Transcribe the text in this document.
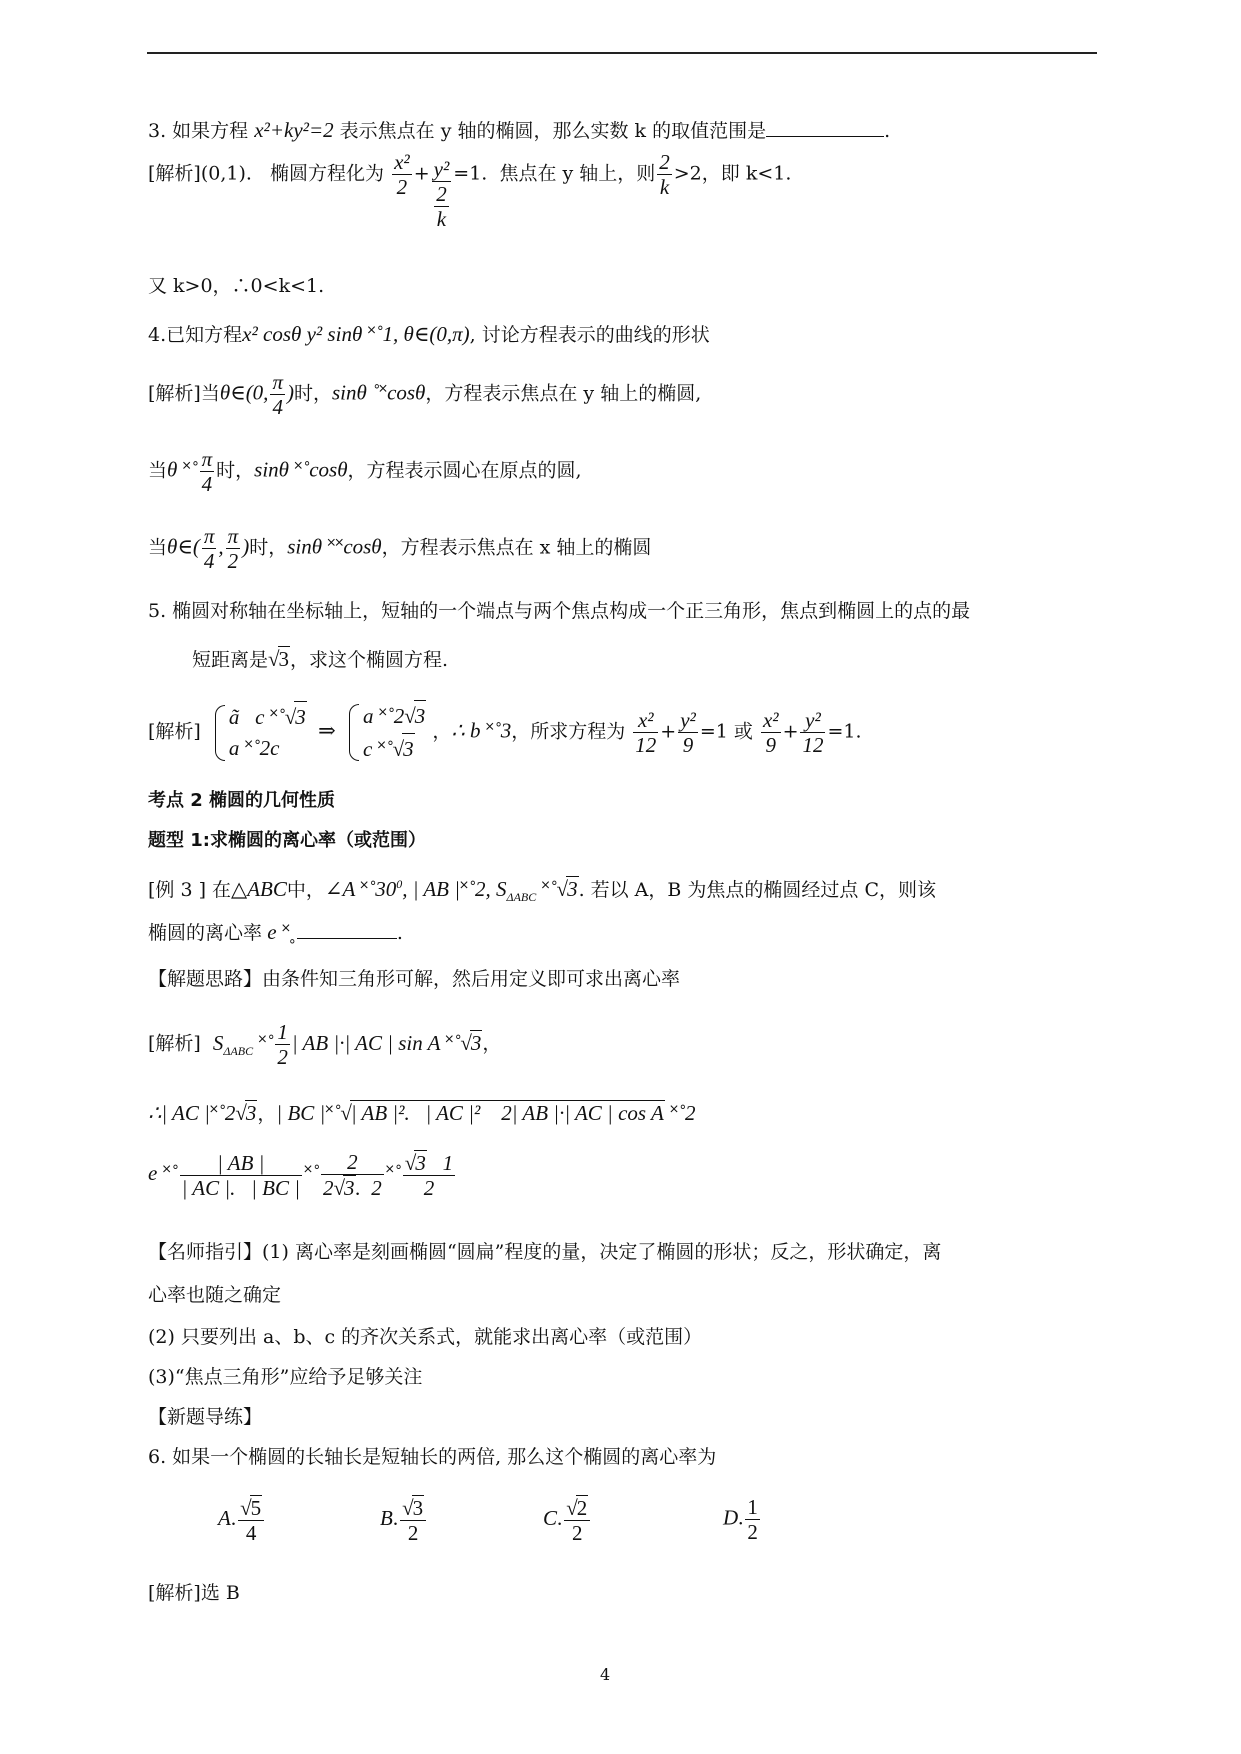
3. 如果方程 x²+ky²=2 表示焦点在 y 轴的椭圆，那么实数 k 的取值范围是	.
[解析](0,1). 椭圆方程化为 $\frac{\text{x²}}{2} + \frac{\text{y²}}{\frac{2}{k}} =1$. 焦点在 y 轴上，则 $\frac{2}{k} >2$，即 k<1.
又 k>0，∴0<k<1.
4.已知方程x² cosθ y² sinθ ˟˚1, θ∈(0,π), 讨论方程表示的曲线的形状
[解析]当θ∈(0, $\frac{\pi}{4}$ )时，sinθ ˚˟cosθ，方程表示焦点在 y 轴上的椭圆,
当θ ˟˚ $\frac{\pi}{4}$ 时，sinθ ˟˚cosθ，方程表示圆心在原点的圆,
当θ∈( $\frac{\pi}{4}$ , $\frac{\pi}{2}$ )时，sinθ ˟˟cosθ，方程表示焦点在 x 轴上的椭圆
5. 椭圆对称轴在坐标轴上，短轴的一个端点与两个焦点构成一个正三角形，焦点到椭圆上的点的最
短距离是√3，求这个椭圆方程.
[解析]  ã   c ˟˚√3
a ˟˚2c  ⇒  a ˟˚2√3
c ˟˚√3 ，∴ b ˟˚3，所求方程为 $\frac{\text{x²}}{12} + \frac{\text{y²}}{9} =1$ 或 $\frac{\text{x²}}{9} + \frac{\text{y²}}{12} =1$.
考点 2 椭圆的几何性质
题型 1:求椭圆的离心率（或范围）
[例 3 ] 在△ABC中，∠A $˟˚30^0$, | AB |˟˚2, $S_{\Delta ABC}$ ˟˚√3. 若以 A，B 为焦点的椭圆经过点 C，则该
椭圆的离心率 e ˟˳	.
【解题思路】由条件知三角形可解，然后用定义即可求出离心率
[解析] $S_{\Delta ABC}$ ˟˚ $\frac{1}{2}$ | AB |·| AC | sin A ˟˚√3，
∴| AC |˟˚2√3，| BC |˟˚√| AB |².   | AC |²    2| AB |·| AC | cos A ˟˚2
e ˟˚ $\frac{| AB |}{| AC |. | BC |}$ ˟˚ $\frac{2}{2√3. 2}$ ˟˚ $\frac{√3 1}{2}$
【名师指引】(1) 离心率是刻画椭圆“圆扁”程度的量，决定了椭圆的形状；反之，形状确定，离
心率也随之确定
(2) 只要列出 a、b、c 的齐次关系式，就能求出离心率（或范围）
(3)“焦点三角形”应给予足够关注
【新题导练】
6. 如果一个椭圆的长轴长是短轴长的两倍, 那么这个椭圆的离心率为
A. $\frac{√5}{4}$	B. $\frac{√3}{2}$	C. $\frac{√2}{2}$	D. $\frac{1}{2}$
[解析]选 B
4
